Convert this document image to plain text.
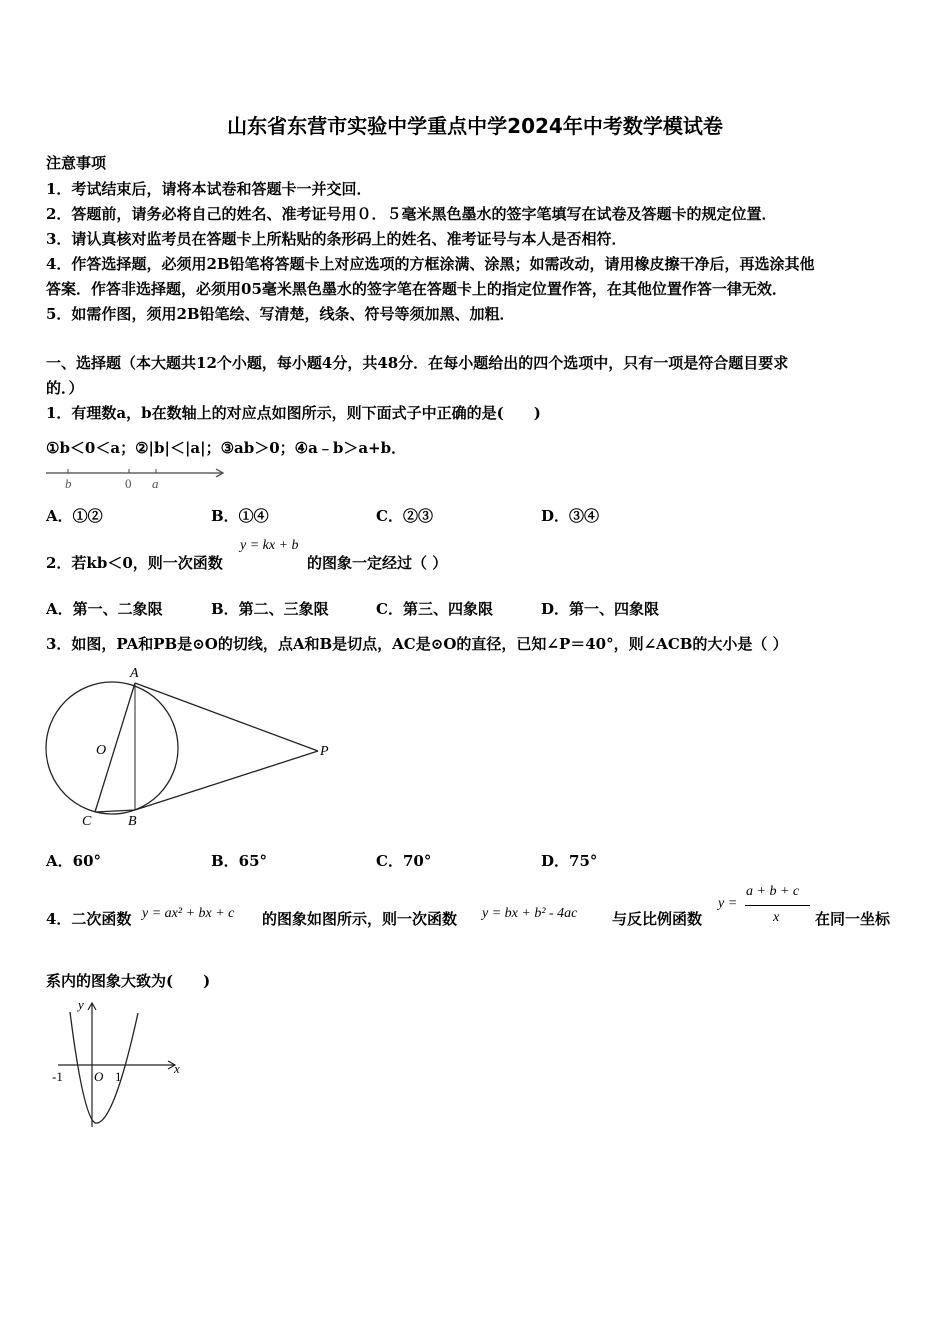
山东省东营市实验中学重点中学2024年中考数学模试卷
注意事项
1．考试结束后，请将本试卷和答题卡一并交回．
2．答题前，请务必将自己的姓名、准考证号用０．５毫米黑色墨水的签字笔填写在试卷及答题卡的规定位置．
3．请认真核对监考员在答题卡上所粘贴的条形码上的姓名、准考证号与本人是否相符．
4．作答选择题，必须用2B铅笔将答题卡上对应选项的方框涂满、涂黑；如需改动，请用橡皮擦干净后，再选涂其他
答案．作答非选择题，必须用05毫米黑色墨水的签字笔在答题卡上的指定位置作答，在其他位置作答一律无效．
5．如需作图，须用2B铅笔绘、写清楚，线条、符号等须加黑、加粗．
一、选择题（本大题共12个小题，每小题4分，共48分．在每小题给出的四个选项中，只有一项是符合题目要求
的．）
1．有理数a，b在数轴上的对应点如图所示，则下面式子中正确的是(　　)
①b＜0＜a；②|b|＜|a|；③ab＞0；④a﹣b＞a+b．
b	0 a
A．①②	B．①④	C．②③	D．③④
2．若kb＜0，则一次函数
y = kx + b
的图象一定经过（ ）
A．第一、二象限	B．第二、三象限	C．第三、四象限	D．第一、四象限
3．如图，PA和PB是⊙O的切线，点A和B是切点，AC是⊙O的直径，已知∠P＝40°，则∠ACB的大小是（ ）
A
O	P
C	B
A．60°	B．65°	C．70°	D．75°
4．二次函数 y = ax² + bx + c 的图象如图所示，则一次函数 y = bx + b² - 4ac 与反比例函数
y =
a + b + c
x 在同一坐标
系内的图象大致为(　　)
y
x
-1 O 1
